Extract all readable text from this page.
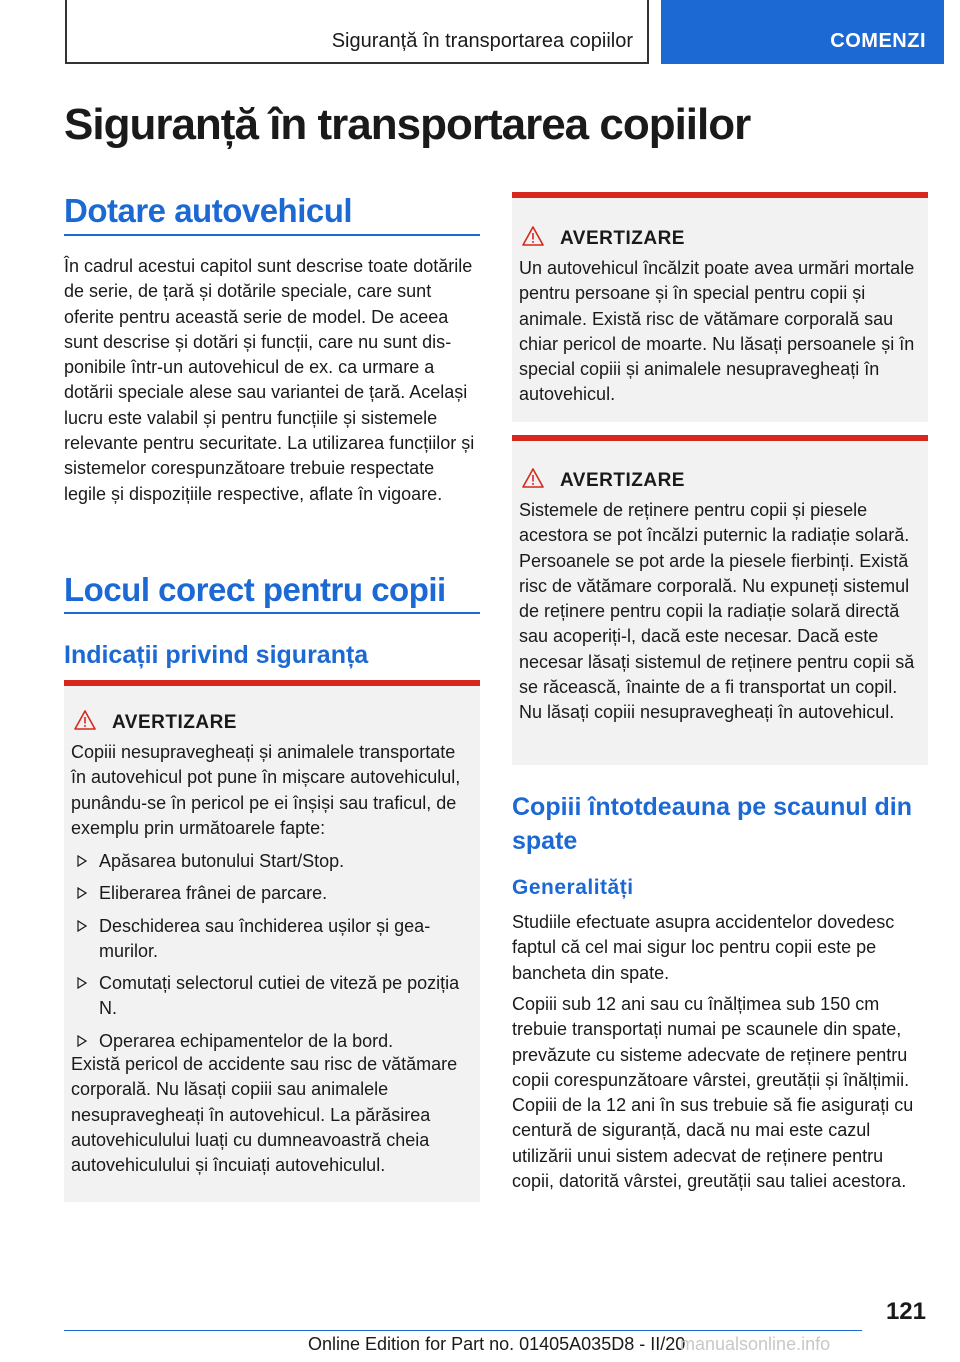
Siguranță în transportarea copiilor	COMENZI
Siguranță în transportarea copiilor
Dotare autovehicul

În cadrul acestui capitol sunt descrise toate dotările de serie, de țară și dotările speciale, care sunt oferite pentru această serie de model. De aceea sunt descrise și dotări și funcții, care nu sunt disponibile într-un autovehicul de ex. ca urmare a dotării speciale alese sau variantei de țară. Același lucru este valabil și pentru funcțiile și sistemele relevante pentru securitate. La utilizarea funcțiilor și sistemelor corespunzătoare trebuie respectate legile și dispozițiile respective, aflate în vigoare.

Locul corect pentru copii
Indicații privind siguranța
AVERTIZARE

Copiii nesupravegheați și animalele transportate în autovehicul pot pune în mișcare autovehiculul, punându-se în pericol pe ei înșiși sau traficul, de exemplu prin următoarele fapte:

Apăsarea butonului Start/Stop.
Eliberarea frânei de parcare.
Deschiderea sau închiderea ușilor și geamurilor.
Comutați selectorul cutiei de viteză pe poziția N.
Operarea echipamentelor de la bord.

Există pericol de accidente sau risc de vătămare corporală. Nu lăsați copiii sau animalele nesupravegheați în autovehicul. La părăsirea autovehiculului luați cu dumneavoastră cheia autovehiculului și încuiați autovehiculul.

AVERTIZARE

Un autovehicul încălzit poate avea urmări mortale pentru persoane și în special pentru copii și animale. Există risc de vătămare corporală sau chiar pericol de moarte. Nu lăsați persoanele și în special copiii și animalele nesupravegheați în autovehicul.

AVERTIZARE

Sistemele de reținere pentru copii și piesele acestora se pot încălzi puternic la radiație solară. Persoanele se pot arde la piesele fierbinți. Există risc de vătămare corporală. Nu expuneți sistemul de reținere pentru copii la radiație solară directă sau acoperiți-l, dacă este necesar. Dacă este necesar lăsați sistemul de reținere pentru copii să se răcească, înainte de a fi transportat un copil. Nu lăsați copiii nesupravegheați în autovehicul.

Copiii întotdeauna pe scaunul din spate
Generalități

Studiile efectuate asupra accidentelor dovedesc faptul că cel mai sigur loc pentru copii este pe bancheta din spate.

Copiii sub 12 ani sau cu înălțimea sub 150 cm trebuie transportați numai pe scaunele din spate, prevăzute cu sisteme adecvate de reținere pentru copii corespunzătoare vârstei, greutății și înălțimii. Copiii de la 12 ani în sus trebuie să fie asigurați cu centură de siguranță, dacă nu mai este cazul utilizării unui sistem adecvat de reținere pentru copii, datorită vârstei, greutății sau taliei acestora.

121
Online Edition for Part no. 01405A035D8 - II/20
manualsonline.info
